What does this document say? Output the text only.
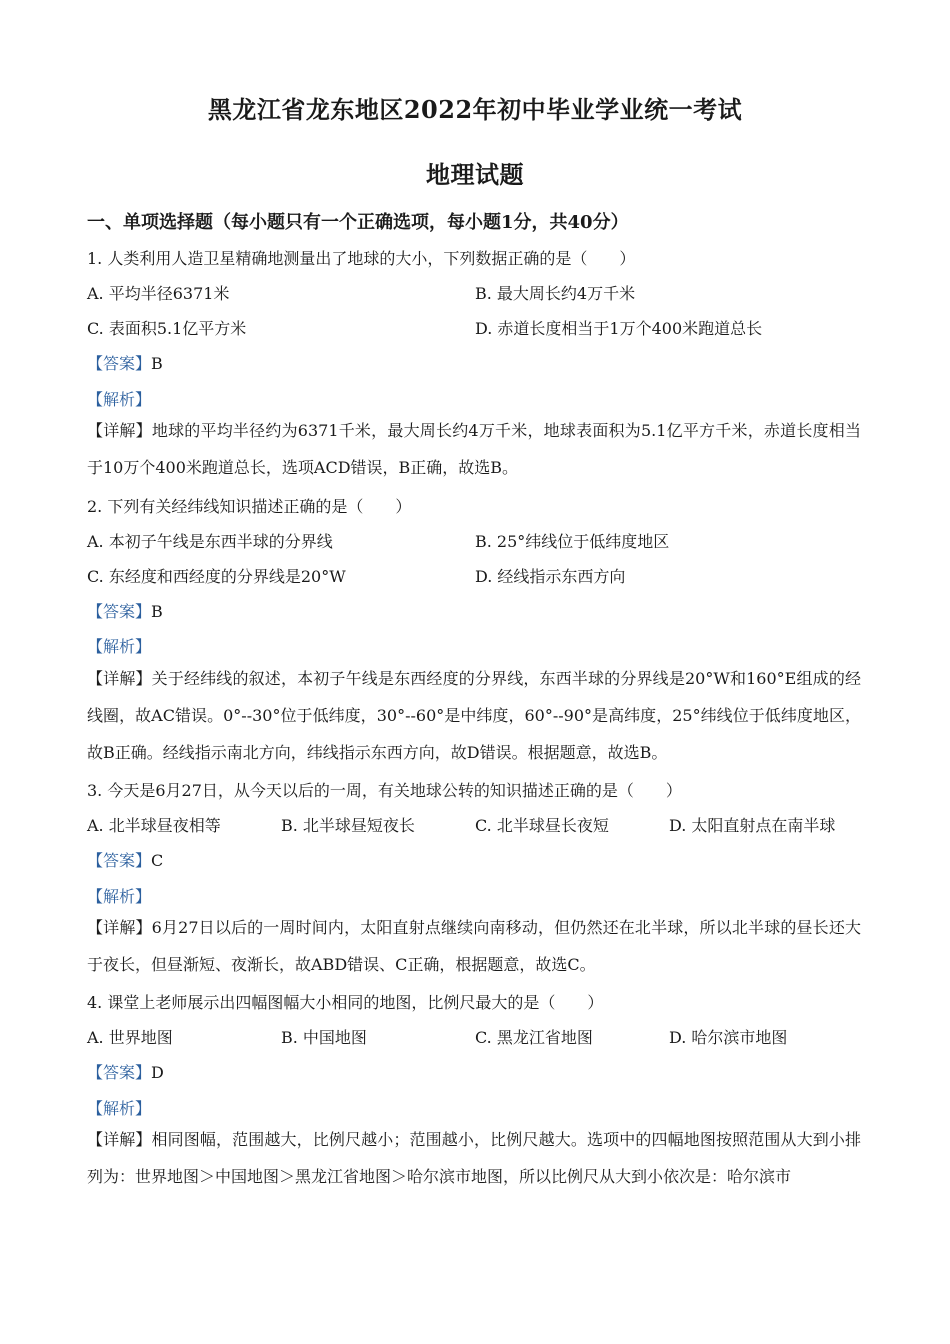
黑龙江省龙东地区2022年初中毕业学业统一考试
地理试题
一、单项选择题（每小题只有一个正确选项，每小题1分，共40分）
1. 人类利用人造卫星精确地测量出了地球的大小，下列数据正确的是（　　）
A. 平均半径6371米	B. 最大周长约4万千米
C. 表面积5.1亿平方米	D. 赤道长度相当于1万个400米跑道总长
【答案】B
【解析】
【详解】地球的平均半径约为6371千米，最大周长约4万千米，地球表面积为5.1亿平方千米，赤道长度相当于10万个400米跑道总长，选项ACD错误，B正确，故选B。
2. 下列有关经纬线知识描述正确的是（　　）
A. 本初子午线是东西半球的分界线	B. 25°纬线位于低纬度地区
C. 东经度和西经度的分界线是20°W	D. 经线指示东西方向
【答案】B
【解析】
【详解】关于经纬线的叙述，本初子午线是东西经度的分界线，东西半球的分界线是20°W和160°E组成的经线圈，故AC错误。0°--30°位于低纬度，30°--60°是中纬度，60°--90°是高纬度，25°纬线位于低纬度地区，故B正确。经线指示南北方向，纬线指示东西方向，故D错误。根据题意，故选B。
3. 今天是6月27日，从今天以后的一周，有关地球公转的知识描述正确的是（　　）
A. 北半球昼夜相等	B. 北半球昼短夜长	C. 北半球昼长夜短	D. 太阳直射点在南半球
【答案】C
【解析】
【详解】6月27日以后的一周时间内，太阳直射点继续向南移动，但仍然还在北半球，所以北半球的昼长还大于夜长，但昼渐短、夜渐长，故ABD错误、C正确，根据题意，故选C。
4. 课堂上老师展示出四幅图幅大小相同的地图，比例尺最大的是（　　）
A. 世界地图	B. 中国地图	C. 黑龙江省地图	D. 哈尔滨市地图
【答案】D
【解析】
【详解】相同图幅，范围越大，比例尺越小；范围越小，比例尺越大。选项中的四幅地图按照范围从大到小排列为：世界地图＞中国地图＞黑龙江省地图＞哈尔滨市地图，所以比例尺从大到小依次是：哈尔滨市
